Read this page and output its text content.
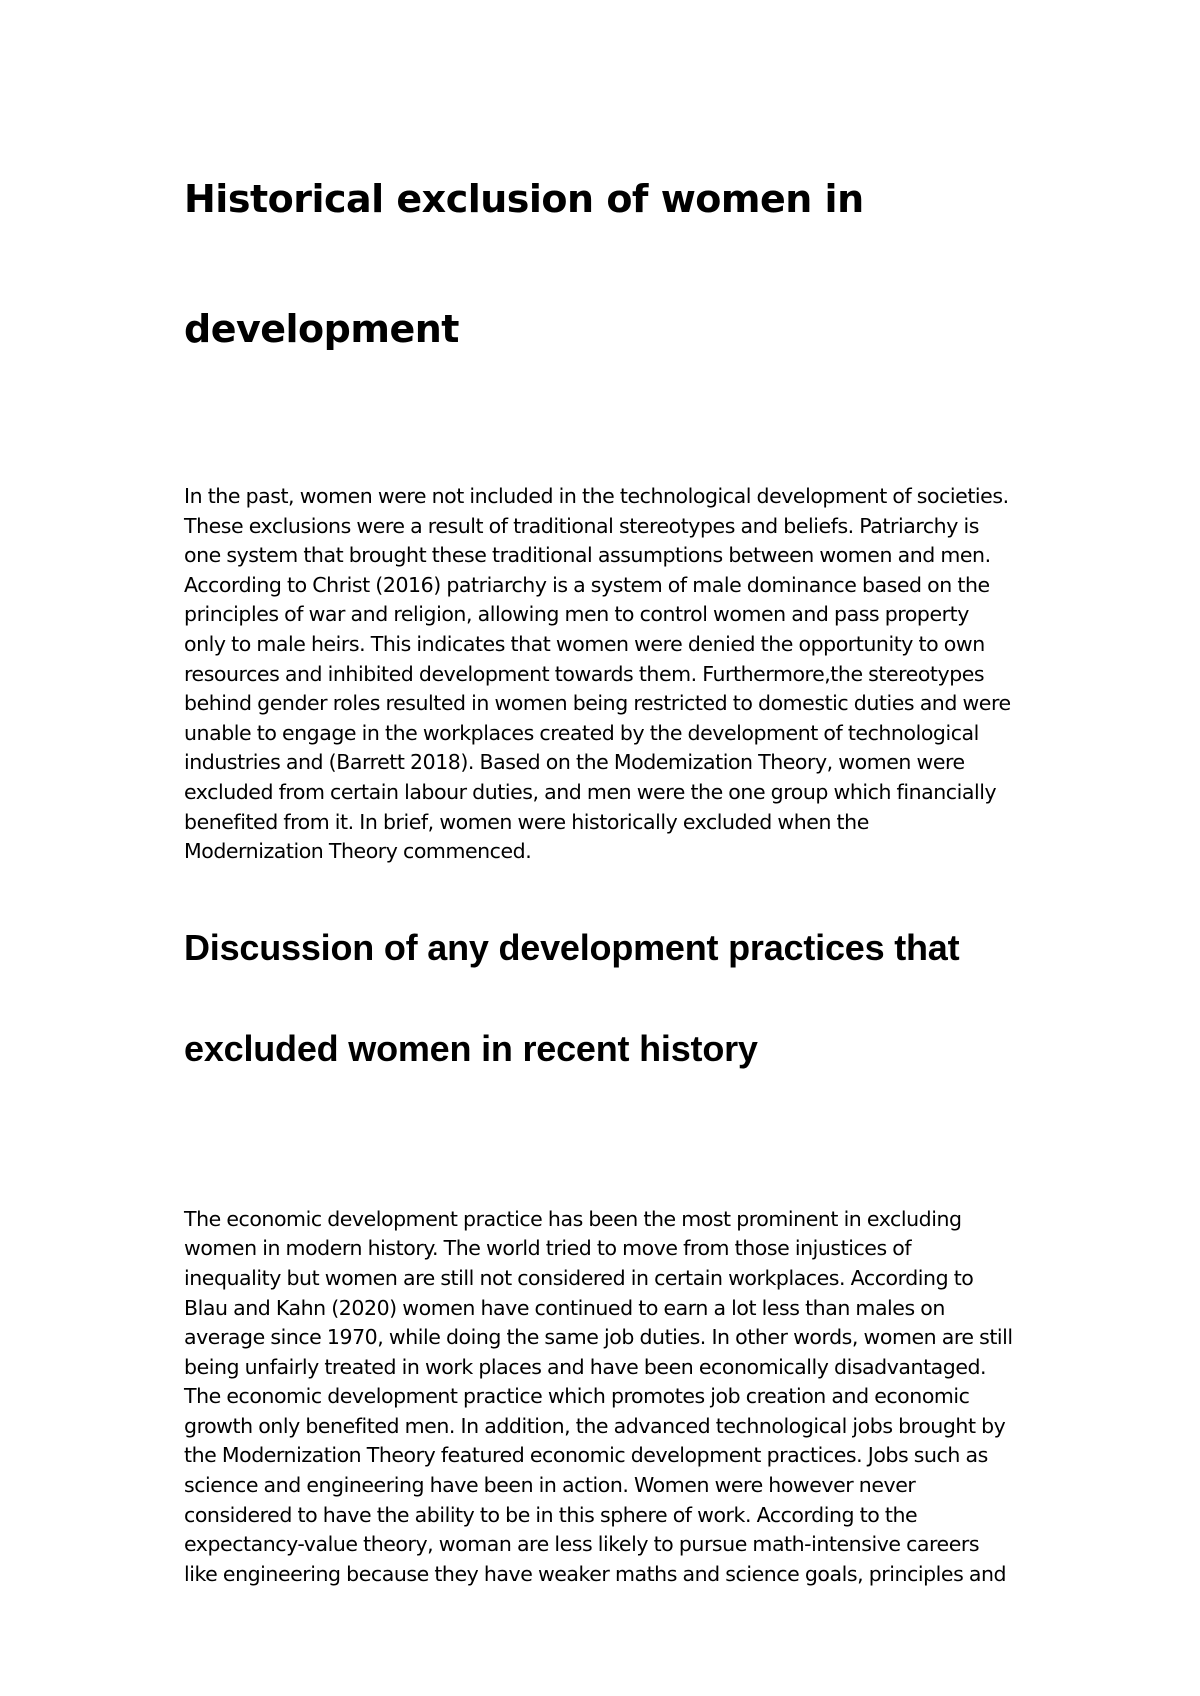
Historical exclusion of women in
development

In the past, women were not included in the technological development of societies.
These exclusions were a result of traditional stereotypes and beliefs. Patriarchy is
one system that brought these traditional assumptions between women and men.
According to Christ (2016) patriarchy is a system of male dominance based on the
principles of war and religion, allowing men to control women and pass property
only to male heirs. This indicates that women were denied the opportunity to own
resources and inhibited development towards them. Furthermore,the stereotypes
behind gender roles resulted in women being restricted to domestic duties and were
unable to engage in the workplaces created by the development of technological
industries and (Barrett 2018). Based on the Modemization Theory, women were
excluded from certain labour duties, and men were the one group which financially
benefited from it. In brief, women were historically excluded when the
Modernization Theory commenced.

Discussion of any development practices that
excluded women in recent history

The economic development practice has been the most prominent in excluding
women in modern history. The world tried to move from those injustices of
inequality but women are still not considered in certain workplaces. According to
Blau and Kahn (2020) women have continued to earn a lot less than males on
average since 1970, while doing the same job duties. In other words, women are still
being unfairly treated in work places and have been economically disadvantaged.
The economic development practice which promotes job creation and economic
growth only benefited men. In addition, the advanced technological jobs brought by
the Modernization Theory featured economic development practices. Jobs such as
science and engineering have been in action. Women were however never
considered to have the ability to be in this sphere of work. According to the
expectancy-value theory, woman are less likely to pursue math-intensive careers
like engineering because they have weaker maths and science goals, principles and
